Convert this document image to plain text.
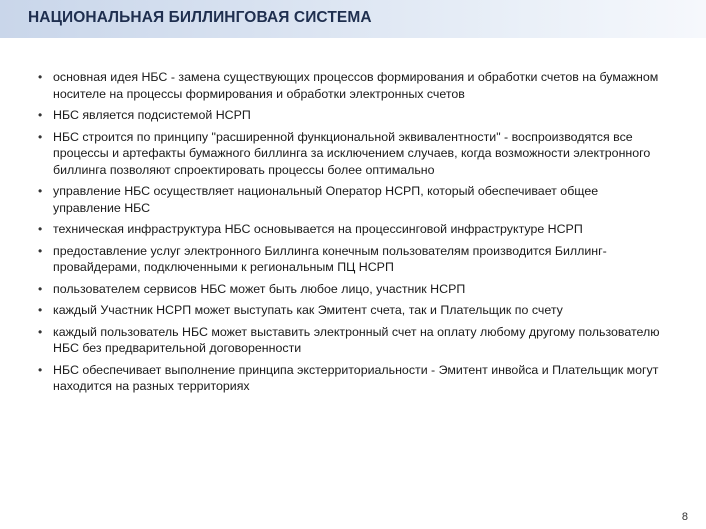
НАЦИОНАЛЬНАЯ БИЛЛИНГОВАЯ СИСТЕМА
• основная идея НБС - замена существующих процессов формирования и обработки счетов на бумажном носителе на процессы формирования и обработки электронных счетов
• НБС является подсистемой НСРП
• НБС строится по принципу "расширенной функциональной эквивалентности" - воспроизводятся все процессы и артефакты бумажного биллинга за исключением случаев, когда возможности электронного биллинга позволяют спроектировать процессы более оптимально
• управление НБС осуществляет национальный Оператор НСРП, который обеспечивает общее управление НБС
• техническая инфраструктура НБС основывается на процессинговой инфраструктуре НСРП
• предоставление услуг электронного Биллинга конечным пользователям производится Биллинг-провайдерами, подключенными к региональным ПЦ НСРП
• пользователем сервисов НБС может быть любое лицо, участник НСРП
• каждый Участник НСРП может выступать как Эмитент счета, так и Плательщик по счету
• каждый пользователь НБС может выставить электронный счет на оплату любому другому пользователю НБС без предварительной договоренности
• НБС обеспечивает выполнение принципа экстерриториальности - Эмитент инвойса и Плательщик могут находится на разных территориях
8
